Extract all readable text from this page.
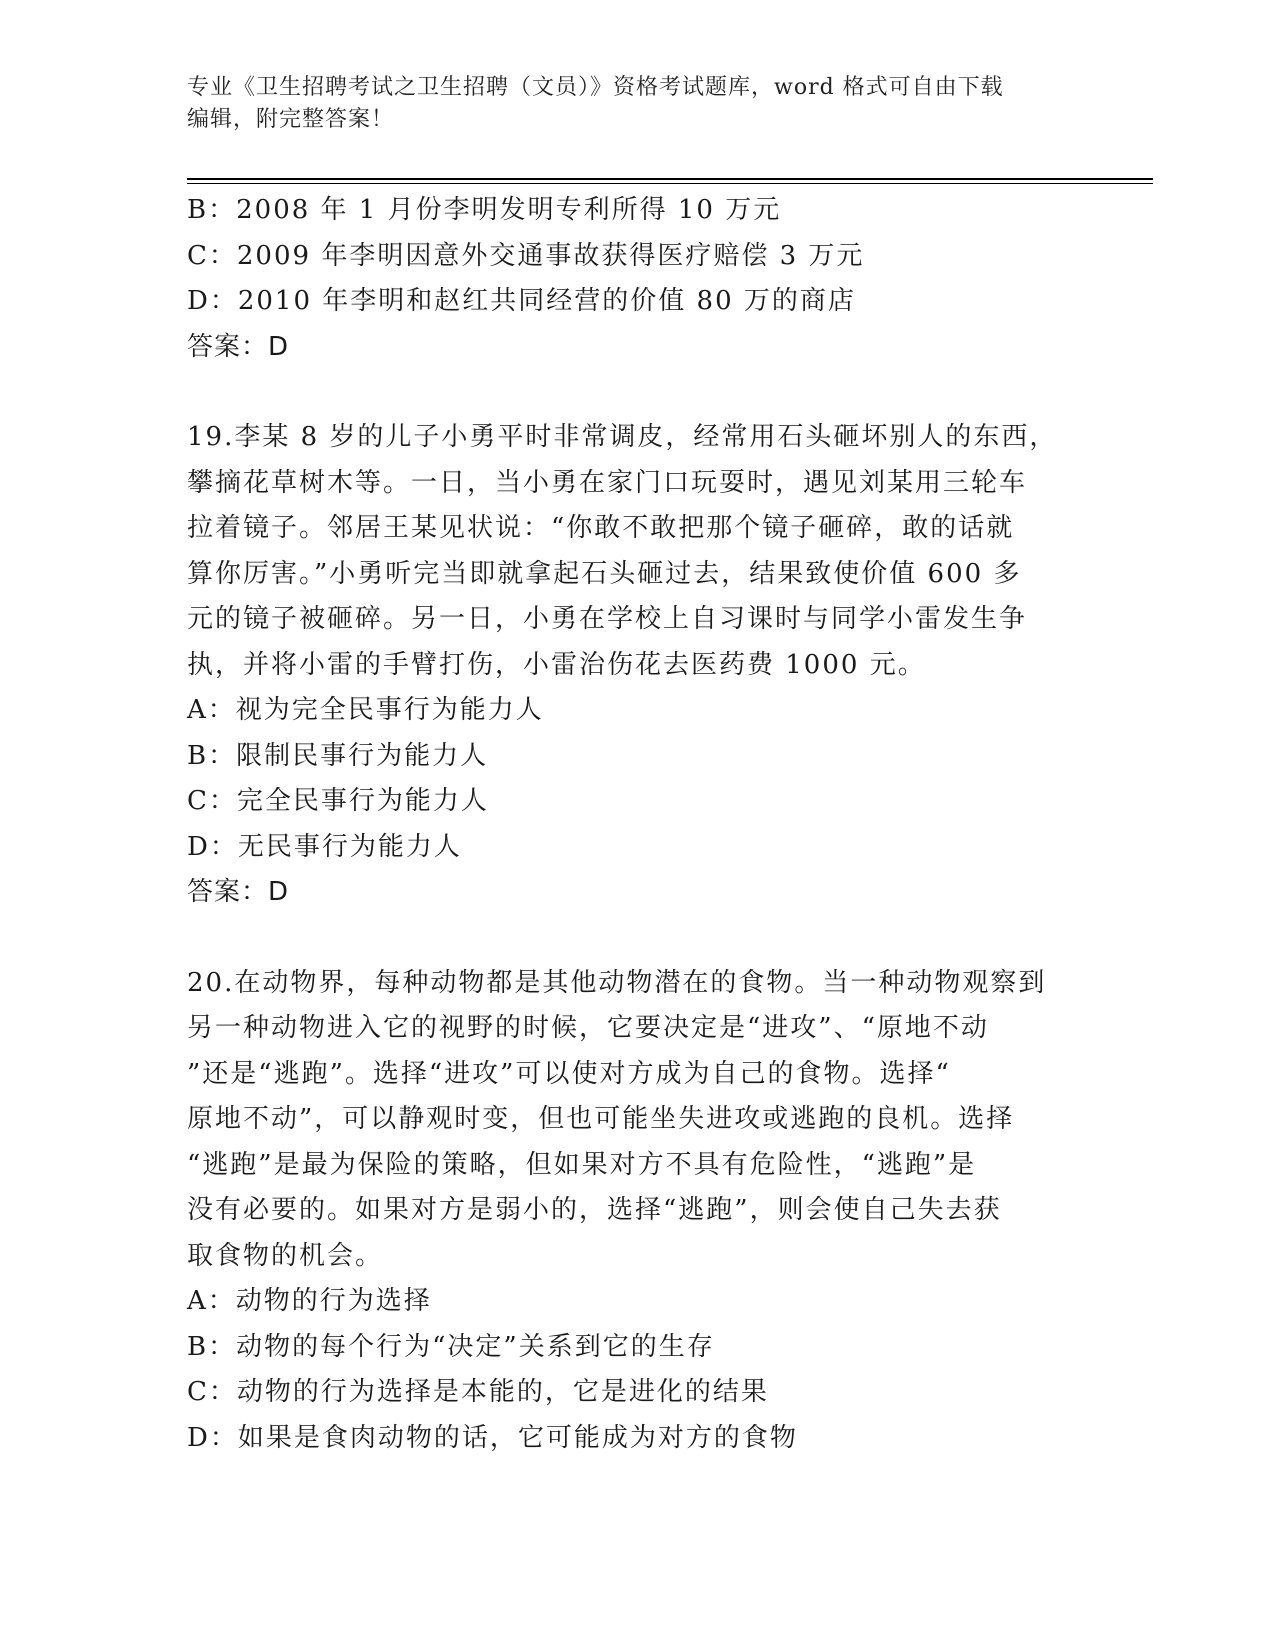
专业《卫生招聘考试之卫生招聘（文员）》资格考试题库，word 格式可自由下载
编辑，附完整答案！
B：2008 年 1 月份李明发明专利所得 10 万元
C：2009 年李明因意外交通事故获得医疗赔偿 3 万元
D：2010 年李明和赵红共同经营的价值 80 万的商店
答案：D
19.李某 8 岁的儿子小勇平时非常调皮，经常用石头砸坏别人的东西，
攀摘花草树木等。一日，当小勇在家门口玩耍时，遇见刘某用三轮车
拉着镜子。邻居王某见状说：“你敢不敢把那个镜子砸碎，敢的话就
算你厉害。”小勇听完当即就拿起石头砸过去，结果致使价值 600 多
元的镜子被砸碎。另一日，小勇在学校上自习课时与同学小雷发生争
执，并将小雷的手臂打伤，小雷治伤花去医药费 1000 元。
A：视为完全民事行为能力人
B：限制民事行为能力人
C：完全民事行为能力人
D：无民事行为能力人
答案：D
20.在动物界，每种动物都是其他动物潜在的食物。当一种动物观察到
另一种动物进入它的视野的时候，它要决定是“进攻”、“原地不动
”还是“逃跑”。选择“进攻”可以使对方成为自己的食物。选择“
原地不动”，可以静观时变，但也可能坐失进攻或逃跑的良机。选择
“逃跑”是最为保险的策略，但如果对方不具有危险性，“逃跑”是
没有必要的。如果对方是弱小的，选择“逃跑”，则会使自己失去获
取食物的机会。
A：动物的行为选择
B：动物的每个行为“决定”关系到它的生存
C：动物的行为选择是本能的，它是进化的结果
D：如果是食肉动物的话，它可能成为对方的食物
